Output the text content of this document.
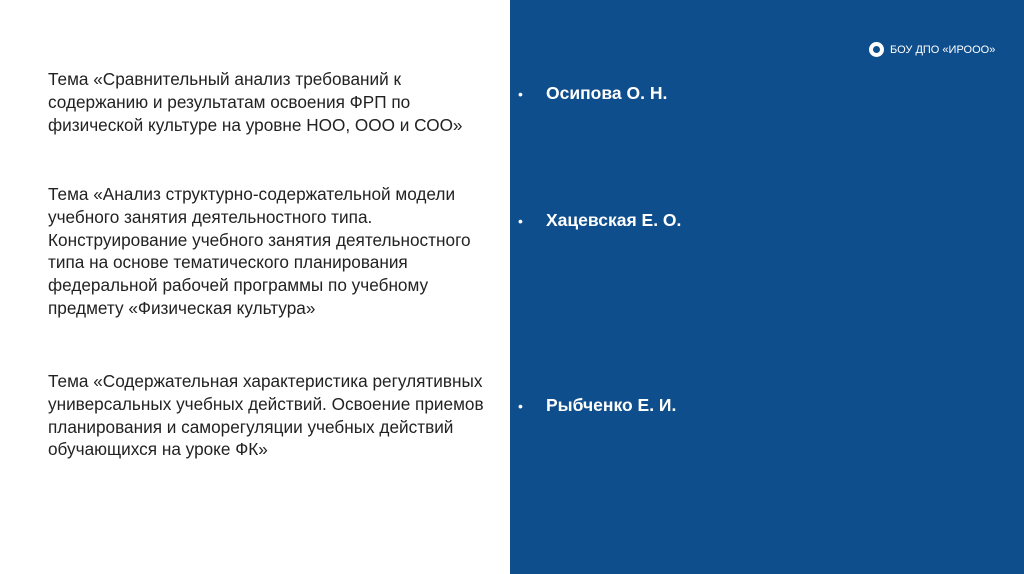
Тема «Сравнительный анализ требований к содержанию и результатам освоения ФРП по физической культуре на уровне НОО, ООО и СОО»
Тема «Анализ структурно-содержательной модели учебного занятия деятельностного типа. Конструирование учебного занятия деятельностного типа на основе тематического планирования федеральной рабочей программы по учебному предмету «Физическая культура»
Тема «Содержательная характеристика регулятивных универсальных учебных действий. Освоение приемов планирования и саморегуляции учебных действий обучающихся на уроке ФК»
БОУ ДПО «ИРООО»
•	Осипова О. Н.
•	Хацевская Е. О.
•	Рыбченко Е. И.
